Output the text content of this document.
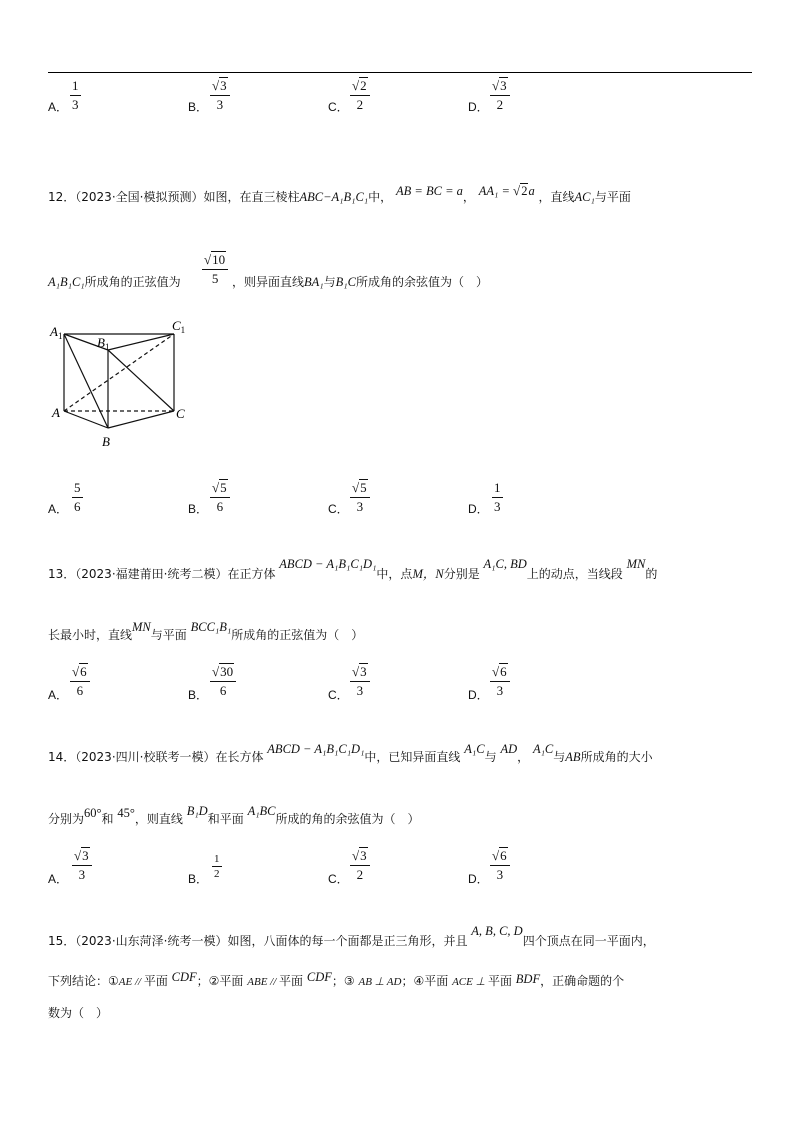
A． $\frac{1}{3}$	B． $\frac{√3}{3}$	C． $\frac{√2}{2}$	D． $\frac{√3}{2}$
12．（2023·全国·模拟预测）如图，在直三棱柱ABC−A₁B₁C₁中， AB = BC = a， AA₁ = √2a ，直线AC₁与平面
A₁B₁C₁所成角的正弦值为 $\frac{√10}{5}$ ，则异面直线BA₁与B₁C所成角的余弦值为（　）
$A_1$	$B_1$
$C_1$
A
B
C
A． $\frac{5}{6}$	B． $\frac{√5}{6}$	C． $\frac{√5}{3}$	D． $\frac{1}{3}$
13．（2023·福建莆田·统考二模）在正方体 ABCD − A₁B₁C₁D₁中，点M，N分别是 A₁C, BD上的动点，当线段 MN的
长最小时，直线MN与平面 BCC₁B₁所成角的正弦值为（　）
A． $\frac{√6}{6}$	B． $\frac{√30}{6}$	C． $\frac{√3}{3}$	D． $\frac{√6}{3}$
14．（2023·四川·校联考一模）在长方体 ABCD − A₁B₁C₁D₁中，已知异面直线 A₁C与 AD， A₁C与AB所成角的大小
分别为60°和 45°，则直线 B₁D和平面 A₁BC所成的角的余弦值为（　）
A． $\frac{√3}{3}$	B． $\frac{1}{2}$	C． $\frac{√3}{2}$	D． $\frac{√6}{3}$
15．（2023·山东菏泽·统考一模）如图，八面体的每一个面都是正三角形，并且 A, B, C, D四个顶点在同一平面内，
下列结论：①AE // 平面 CDF；②平面 ABE // 平面 CDF；③ AB ⊥ AD；④平面 ACE ⊥ 平面 BDF，正确命题的个
数为（　）
